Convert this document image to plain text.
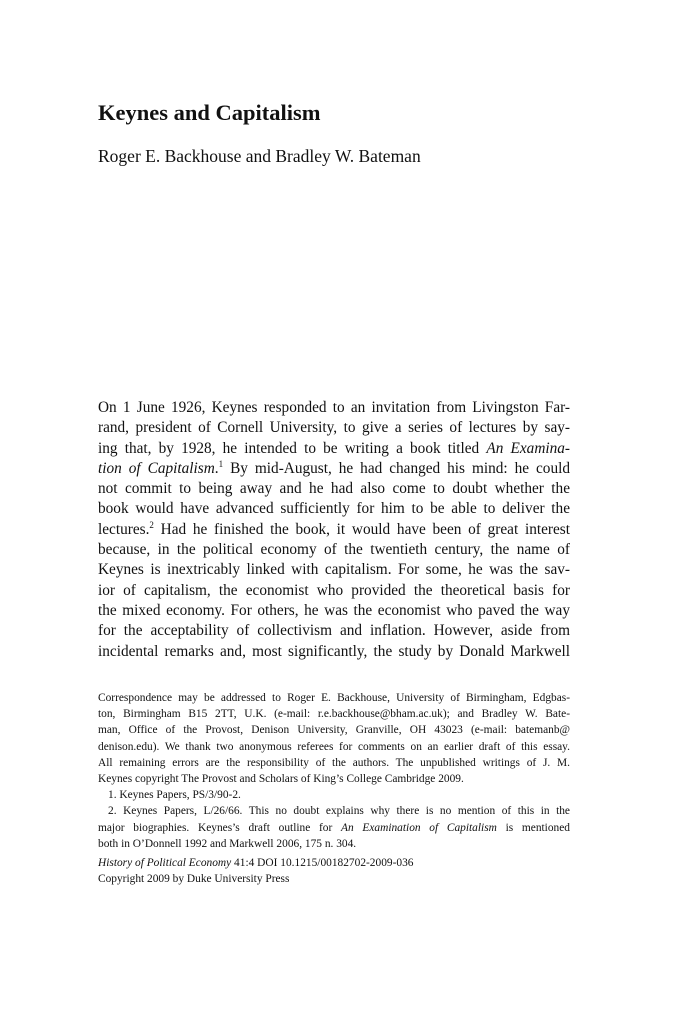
Keynes and Capitalism

Roger E. Backhouse and Bradley W. Bateman

On 1 June 1926, Keynes responded to an invitation from Livingston Far-
rand, president of Cornell University, to give a series of lectures by say-
ing that, by 1928, he intended to be writing a book titled An Examina-
tion of Capitalism.$^1$ By mid-August, he had changed his mind: he could
not commit to being away and he had also come to doubt whether the
book would have advanced sufficiently for him to be able to deliver the
lectures.$^2$ Had he finished the book, it would have been of great interest
because, in the political economy of the twentieth century, the name of
Keynes is inextricably linked with capitalism. For some, he was the sav-
ior of capitalism, the economist who provided the theoretical basis for
the mixed economy. For others, he was the economist who paved the way
for the acceptability of collectivism and inflation. However, aside from
incidental remarks and, most significantly, the study by Donald Markwell
Correspondence may be addressed to Roger E. Backhouse, University of Birmingham, Edgbas-
ton, Birmingham B15 2TT, U.K. (e-mail: r.e.backhouse@bham.ac.uk); and Bradley W. Bate-
man, Office of the Provost, Denison University, Granville, OH 43023 (e-mail: batemanb@
denison.edu). We thank two anonymous referees for comments on an earlier draft of this essay.
All remaining errors are the responsibility of the authors. The unpublished writings of J. M.
Keynes copyright The Provost and Scholars of King’s College Cambridge 2009.
1. Keynes Papers, PS/3/90-2.
2. Keynes Papers, L/26/66. This no doubt explains why there is no mention of this in the
major biographies. Keynes’s draft outline for An Examination of Capitalism is mentioned
both in O’Donnell 1992 and Markwell 2006, 175 n. 304.
History of Political Economy 41:4 DOI 10.1215/00182702-2009-036
Copyright 2009 by Duke University Press
